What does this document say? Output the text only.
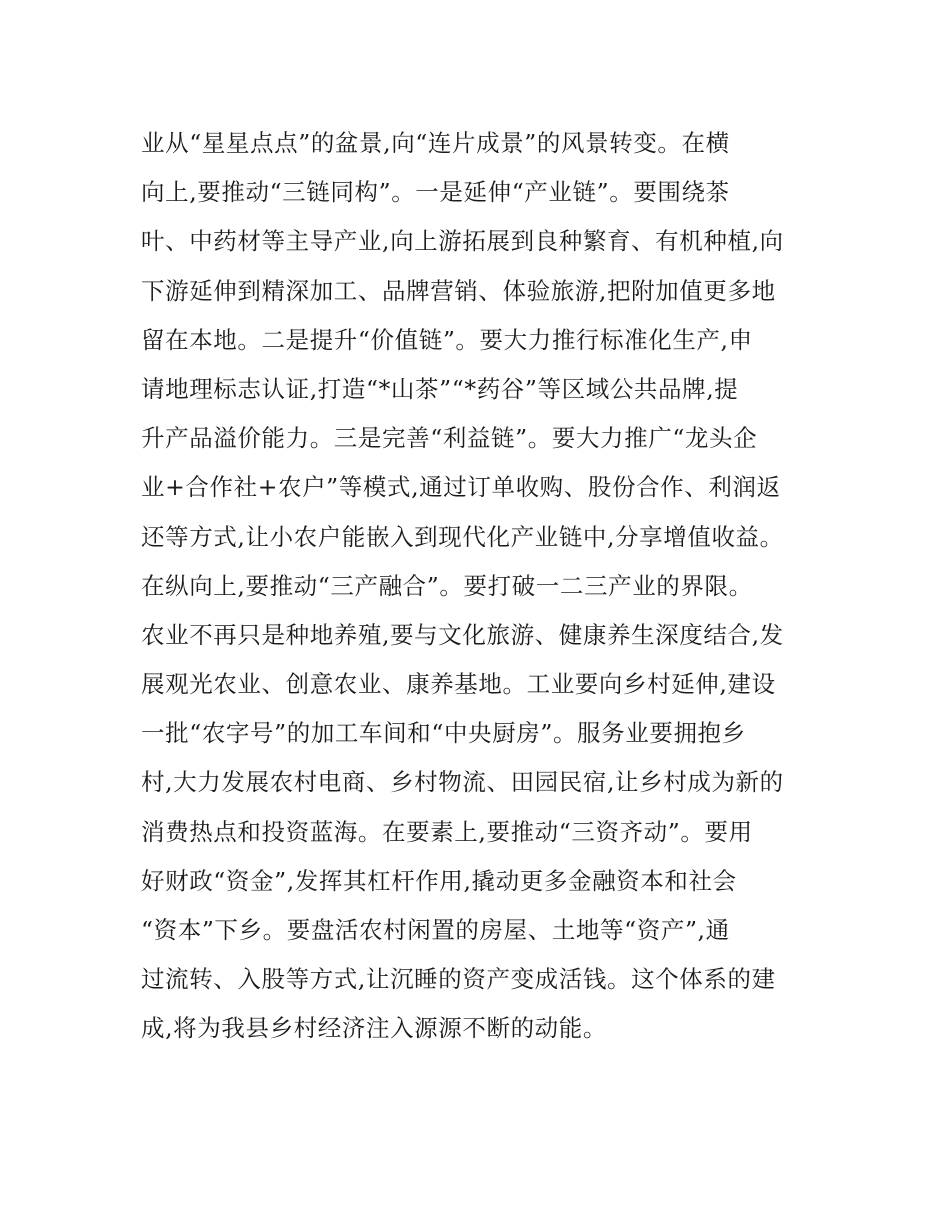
业从“星星点点”的盆景,向“连片成景”的风景转变。在横
向上,要推动“三链同构”。一是延伸“产业链”。要围绕茶
叶、中药材等主导产业,向上游拓展到良种繁育、有机种植,向
下游延伸到精深加工、品牌营销、体验旅游,把附加值更多地
留在本地。二是提升“价值链”。要大力推行标准化生产,申
请地理标志认证,打造“*山茶”“*药谷”等区域公共品牌,提
升产品溢价能力。三是完善“利益链”。要大力推广“龙头企
业+合作社+农户”等模式,通过订单收购、股份合作、利润返
还等方式,让小农户能嵌入到现代化产业链中,分享增值收益。
在纵向上,要推动“三产融合”。要打破一二三产业的界限。
农业不再只是种地养殖,要与文化旅游、健康养生深度结合,发
展观光农业、创意农业、康养基地。工业要向乡村延伸,建设
一批“农字号”的加工车间和“中央厨房”。服务业要拥抱乡
村,大力发展农村电商、乡村物流、田园民宿,让乡村成为新的
消费热点和投资蓝海。在要素上,要推动“三资齐动”。要用
好财政“资金”,发挥其杠杆作用,撬动更多金融资本和社会
“资本”下乡。要盘活农村闲置的房屋、土地等“资产”,通
过流转、入股等方式,让沉睡的资产变成活钱。这个体系的建
成,将为我县乡村经济注入源源不断的动能。
